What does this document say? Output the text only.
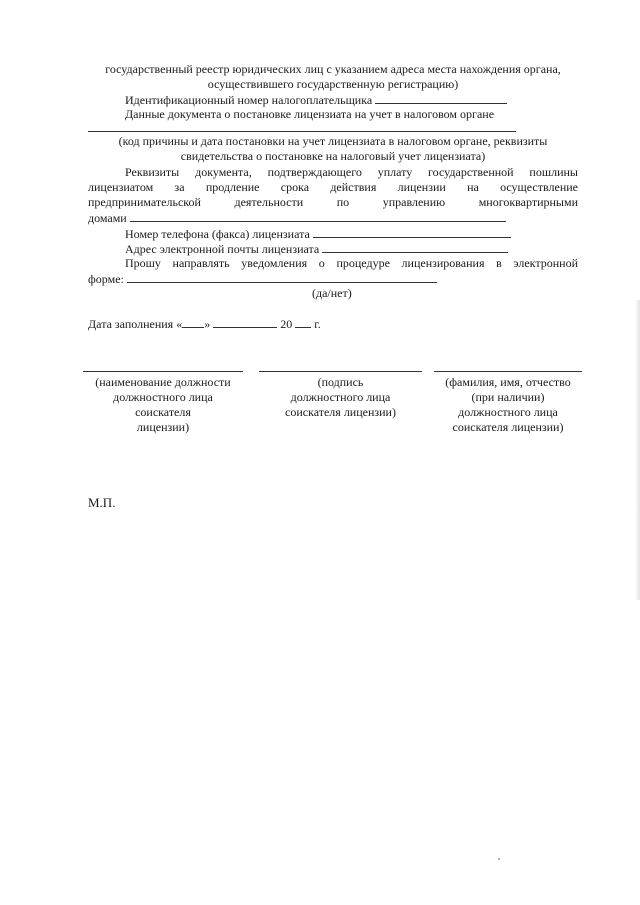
государственный реестр юридических лиц с указанием адреса места нахождения органа,
осуществившего государственную регистрацию)
Идентификационный номер налогоплательщика
Данные документа о постановке лицензиата на учет в налоговом органе
(код причины и дата постановки на учет лицензиата в налоговом органе, реквизиты
свидетельства о постановке на налоговый учет лицензиата)
Реквизиты документа, подтверждающего уплату государственной пошлины
лицензиатом за продление срока действия лицензии на осуществление
предпринимательской деятельности по управлению многоквартирными
домами
Номер телефона (факса) лицензиата
Адрес электронной почты лицензиата
Прошу направлять уведомления о процедуре лицензирования в электронной
форме:
(да/нет)
Дата заполнения « »	20 г.
(наименование должности
должностного лица
соискателя
лицензии)
(подпись
должностного лица
соискателя лицензии)
(фамилия, имя, отчество
(при наличии)
должностного лица
соискателя лицензии)
М.П.
